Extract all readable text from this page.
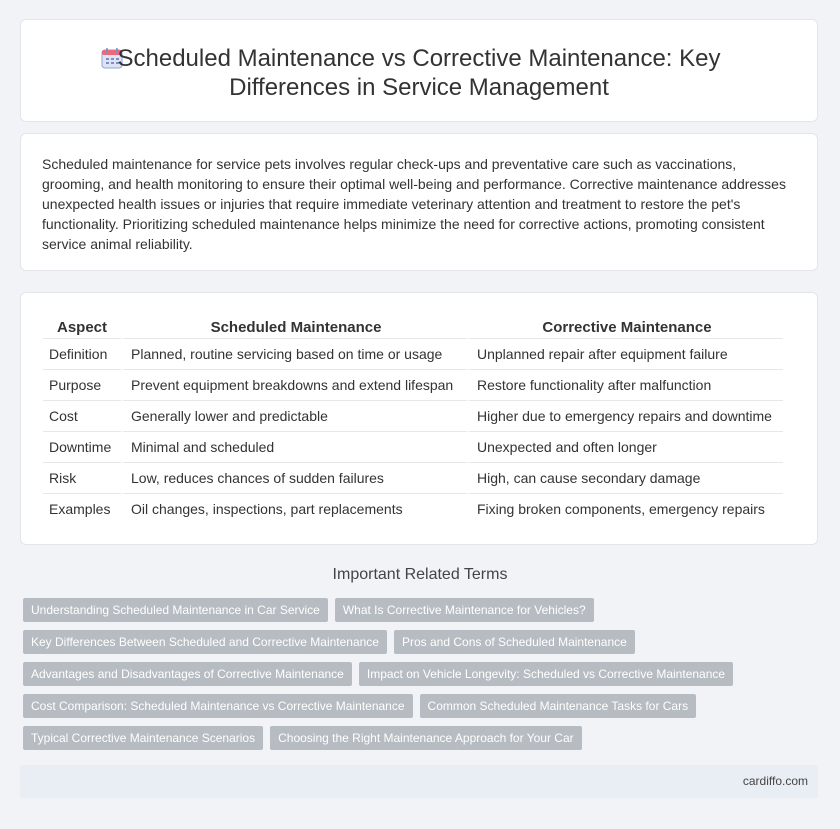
Scheduled Maintenance vs Corrective Maintenance: Key Differences in Service Management

Scheduled maintenance for service pets involves regular check-ups and preventative care such as vaccinations, grooming, and health monitoring to ensure their optimal well-being and performance. Corrective maintenance addresses unexpected health issues or injuries that require immediate veterinary attention and treatment to restore the pet's functionality. Prioritizing scheduled maintenance helps minimize the need for corrective actions, promoting consistent service animal reliability.

Aspect	Scheduled Maintenance	Corrective Maintenance
Definition	Planned, routine servicing based on time or usage	Unplanned repair after equipment failure
Purpose	Prevent equipment breakdowns and extend lifespan	Restore functionality after malfunction
Cost	Generally lower and predictable	Higher due to emergency repairs and downtime
Downtime	Minimal and scheduled	Unexpected and often longer
Risk	Low, reduces chances of sudden failures	High, can cause secondary damage
Examples	Oil changes, inspections, part replacements	Fixing broken components, emergency repairs
Important Related Terms
Understanding Scheduled Maintenance in Car Service	What Is Corrective Maintenance for Vehicles?
Key Differences Between Scheduled and Corrective Maintenance	Pros and Cons of Scheduled Maintenance
Advantages and Disadvantages of Corrective Maintenance	Impact on Vehicle Longevity: Scheduled vs Corrective Maintenance
Cost Comparison: Scheduled Maintenance vs Corrective Maintenance	Common Scheduled Maintenance Tasks for Cars
Typical Corrective Maintenance Scenarios	Choosing the Right Maintenance Approach for Your Car
cardiffo.com
